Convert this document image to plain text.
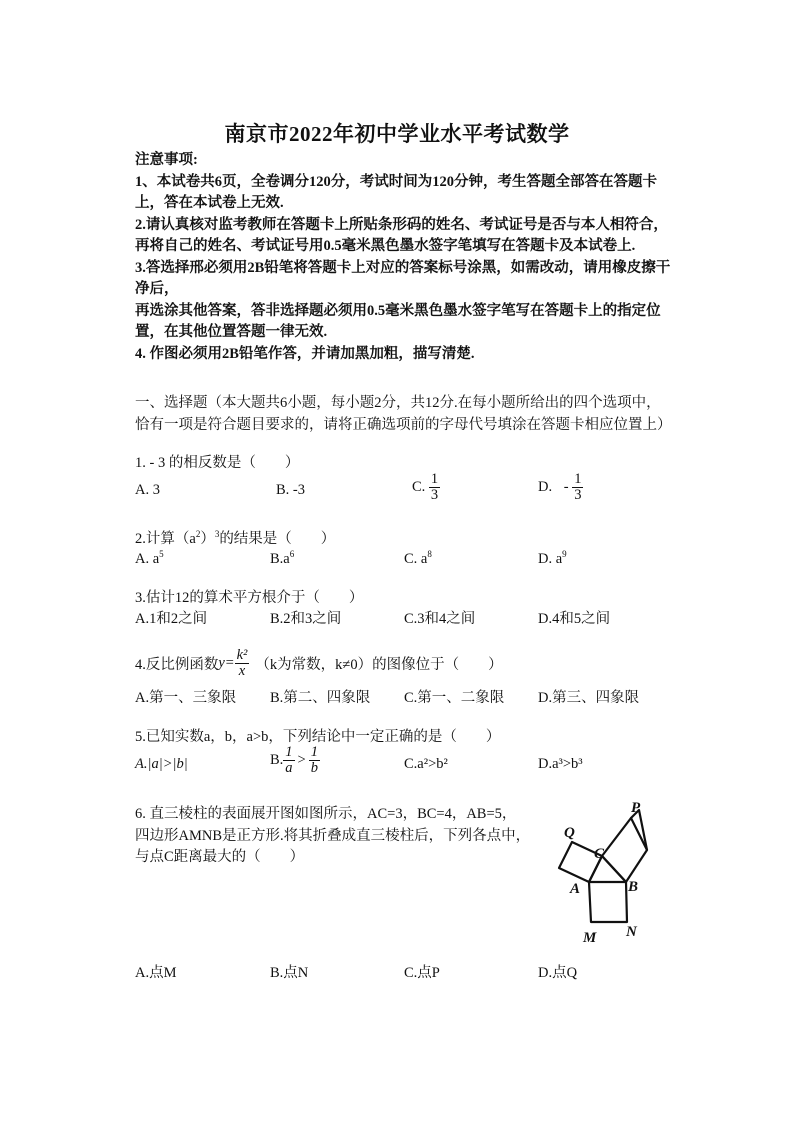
南京市2022年初中学业水平考试数学
注意事项:
1、本试卷共6页，全卷调分120分，考试时间为120分钟，考生答题全部答在答题卡上，答在本试卷上无效.
2.请认真核对监考教师在答题卡上所贴条形码的姓名、考试证号是否与本人相符合，再将自己的姓名、考试证号用0.5毫米黑色墨水签字笔填写在答题卡及本试卷上.
3.答选择邢必须用2B铅笔将答题卡上对应的答案标号涂黑，如需改动，请用橡皮擦干净后，
再选涂其他答案，答非选择题必须用0.5毫米黑色墨水签字笔写在答题卡上的指定位置，在其他位置答题一律无效.
4. 作图必须用2B铅笔作答，并请加黑加粗，描写清楚.
一、选择题（本大题共6小题，每小题2分，共12分.在每小题所给出的四个选项中，恰有一项是符合题目要求的，请将正确选项前的字母代号填涂在答题卡相应位置上）
1. - 3 的相反数是（　　）
A. 3	B. -3	C. $\frac{1}{3}$	D. - $\frac{1}{3}$
2.计算$(a^2)^3$的结果是（　　）
A. $a^5$	$B.a^6$	C. $a^8$	D. $a^9$
3.估计12的算术平方根介于（　　）
A.1和2之间	B.2和3之间	C.3和4之间	D.4和5之间
4.反比例函数$y= \frac{\text{k²}}{x} (k$为常数，k≠0）的图像位于（　　）
A.第一、三象限 B.第二、四象限 C.第一、二象限 D.第三、四象限
5.已知实数a，b，a>b，下列结论中一定正确的是（　　）
A.|a|>|b|	B. $\frac{1}{a} > \frac{1}{b}$	C.a²>b²	D.a³>b³
6. 直三棱柱的表面展开图如图所示，AC=3，BC=4，AB=5，
四边形AMNB是正方形.将其折叠成直三棱柱后，下列各点中，
与点C距离最大的（　　）
P
Q
C
A	B
M N
A.点M	B.点N	C.点P	D.点Q
